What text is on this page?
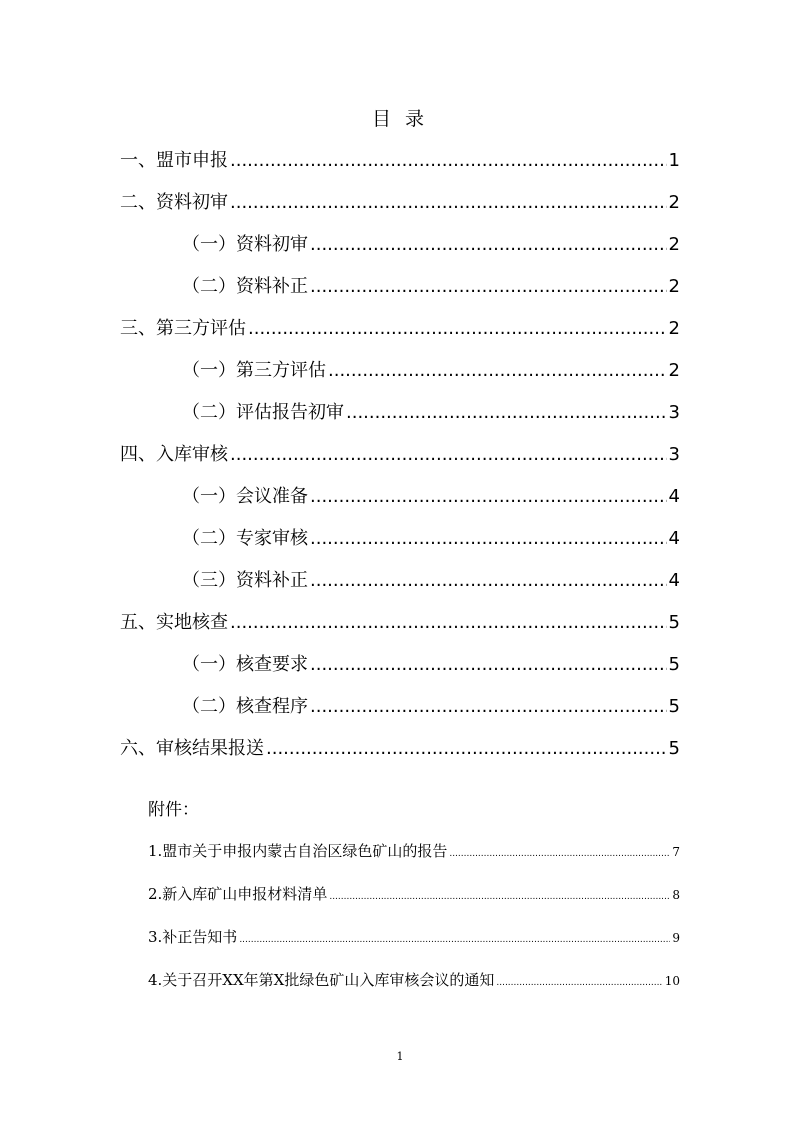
目 录
一、盟市申报 .....	1
二、资料初审 .....	2
（一）资料初审 .....	2
（二）资料补正 .....	2
三、第三方评估 .....	2
（一）第三方评估 .....	2
（二）评估报告初审 .....	3
四、入库审核 .....	3
（一）会议准备 .....	4
（二）专家审核 .....	4
（三）资料补正 .....	4
五、实地核查 .....	5
（一）核查要求 .....	5
（二）核查程序 .....	5
六、审核结果报送 .....	5
附件：
1.盟市关于申报内蒙古自治区绿色矿山的报告 .....	7
2.新入库矿山申报材料清单 .....	8
3.补正告知书 .....	9
4.关于召开XX年第X批绿色矿山入库审核会议的通知 .....	10
1
